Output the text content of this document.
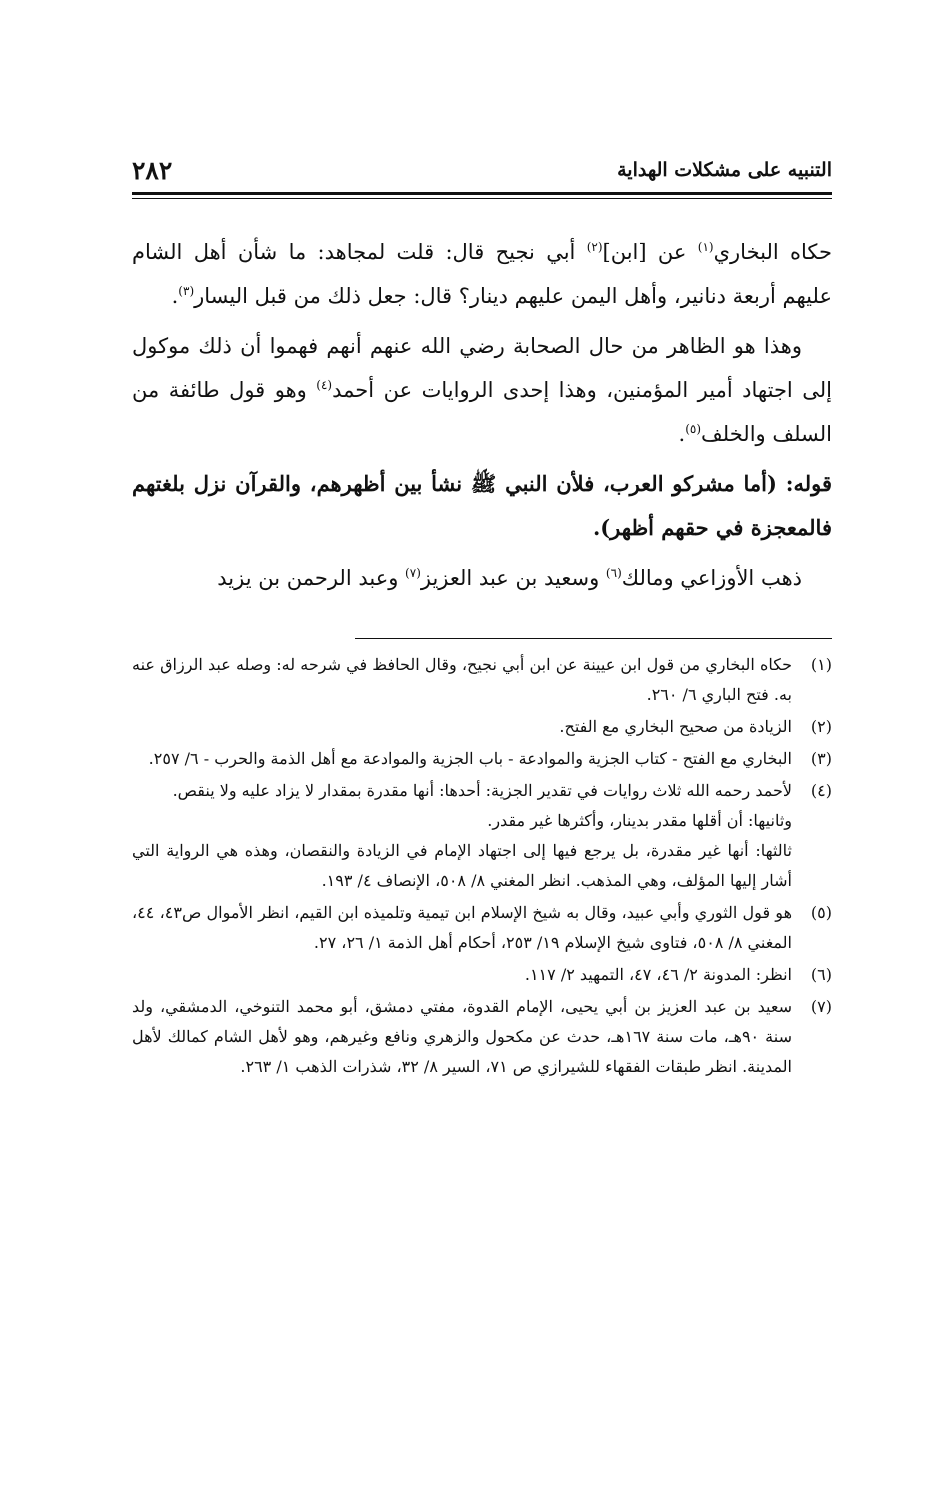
التنبيه على مشكلات الهداية
٢٨٢

حكاه البخاري$^{(١)}$ عن [ابن]$^{(٢)}$ أبي نجيح قال: قلت لمجاهد: ما شأن أهل الشام عليهم أربعة دنانير، وأهل اليمن عليهم دينار؟ قال: جعل ذلك من قبل اليسار$^{(٣)}$.

وهذا هو الظاهر من حال الصحابة رضي الله عنهم أنهم فهموا أن ذلك موكول إلى اجتهاد أمير المؤمنين، وهذا إحدى الروايات عن أحمد$^{(٤)}$ وهو قول طائفة من السلف والخلف$^{(٥)}$.

قوله: (أما مشركو العرب، فلأن النبي ﷺ نشأ بين أظهرهم، والقرآن نزل بلغتهم فالمعجزة في حقهم أظهر).

ذهب الأوزاعي ومالك$^{(٦)}$ وسعيد بن عبد العزيز$^{(٧)}$ وعبد الرحمن بن يزيد

(١)

حكاه البخاري من قول ابن عيينة عن ابن أبي نجيح، وقال الحافظ في شرحه له: وصله عبد الرزاق عنه به. فتح الباري ٦/ ٢٦٠.

(٢)

الزيادة من صحيح البخاري مع الفتح.

(٣)

البخاري مع الفتح - كتاب الجزية والموادعة - باب الجزية والموادعة مع أهل الذمة والحرب - ٦/ ٢٥٧.

(٤)

لأحمد رحمه الله ثلاث روايات في تقدير الجزية: أحدها: أنها مقدرة بمقدار لا يزاد عليه ولا ينقص.

وثانيها: أن أقلها مقدر بدينار، وأكثرها غير مقدر.

ثالثها: أنها غير مقدرة، بل يرجع فيها إلى اجتهاد الإمام في الزيادة والنقصان، وهذه هي الرواية التي أشار إليها المؤلف، وهي المذهب. انظر المغني ٨/ ٥٠٨، الإنصاف ٤/ ١٩٣.

(٥)

هو قول الثوري وأبي عبيد، وقال به شيخ الإسلام ابن تيمية وتلميذه ابن القيم، انظر الأموال ص٤٣، ٤٤، المغني ٨/ ٥٠٨، فتاوى شيخ الإسلام ١٩/ ٢٥٣، أحكام أهل الذمة ١/ ٢٦، ٢٧.

(٦)

انظر: المدونة ٢/ ٤٦، ٤٧، التمهيد ٢/ ١١٧.

(٧)

سعيد بن عبد العزيز بن أبي يحيى، الإمام القدوة، مفتي دمشق، أبو محمد التنوخي، الدمشقي، ولد سنة ٩٠هـ، مات سنة ١٦٧هـ، حدث عن مكحول والزهري ونافع وغيرهم، وهو لأهل الشام كمالك لأهل المدينة. انظر طبقات الفقهاء للشيرازي ص ٧١، السير ٨/ ٣٢، شذرات الذهب ١/ ٢٦٣.
